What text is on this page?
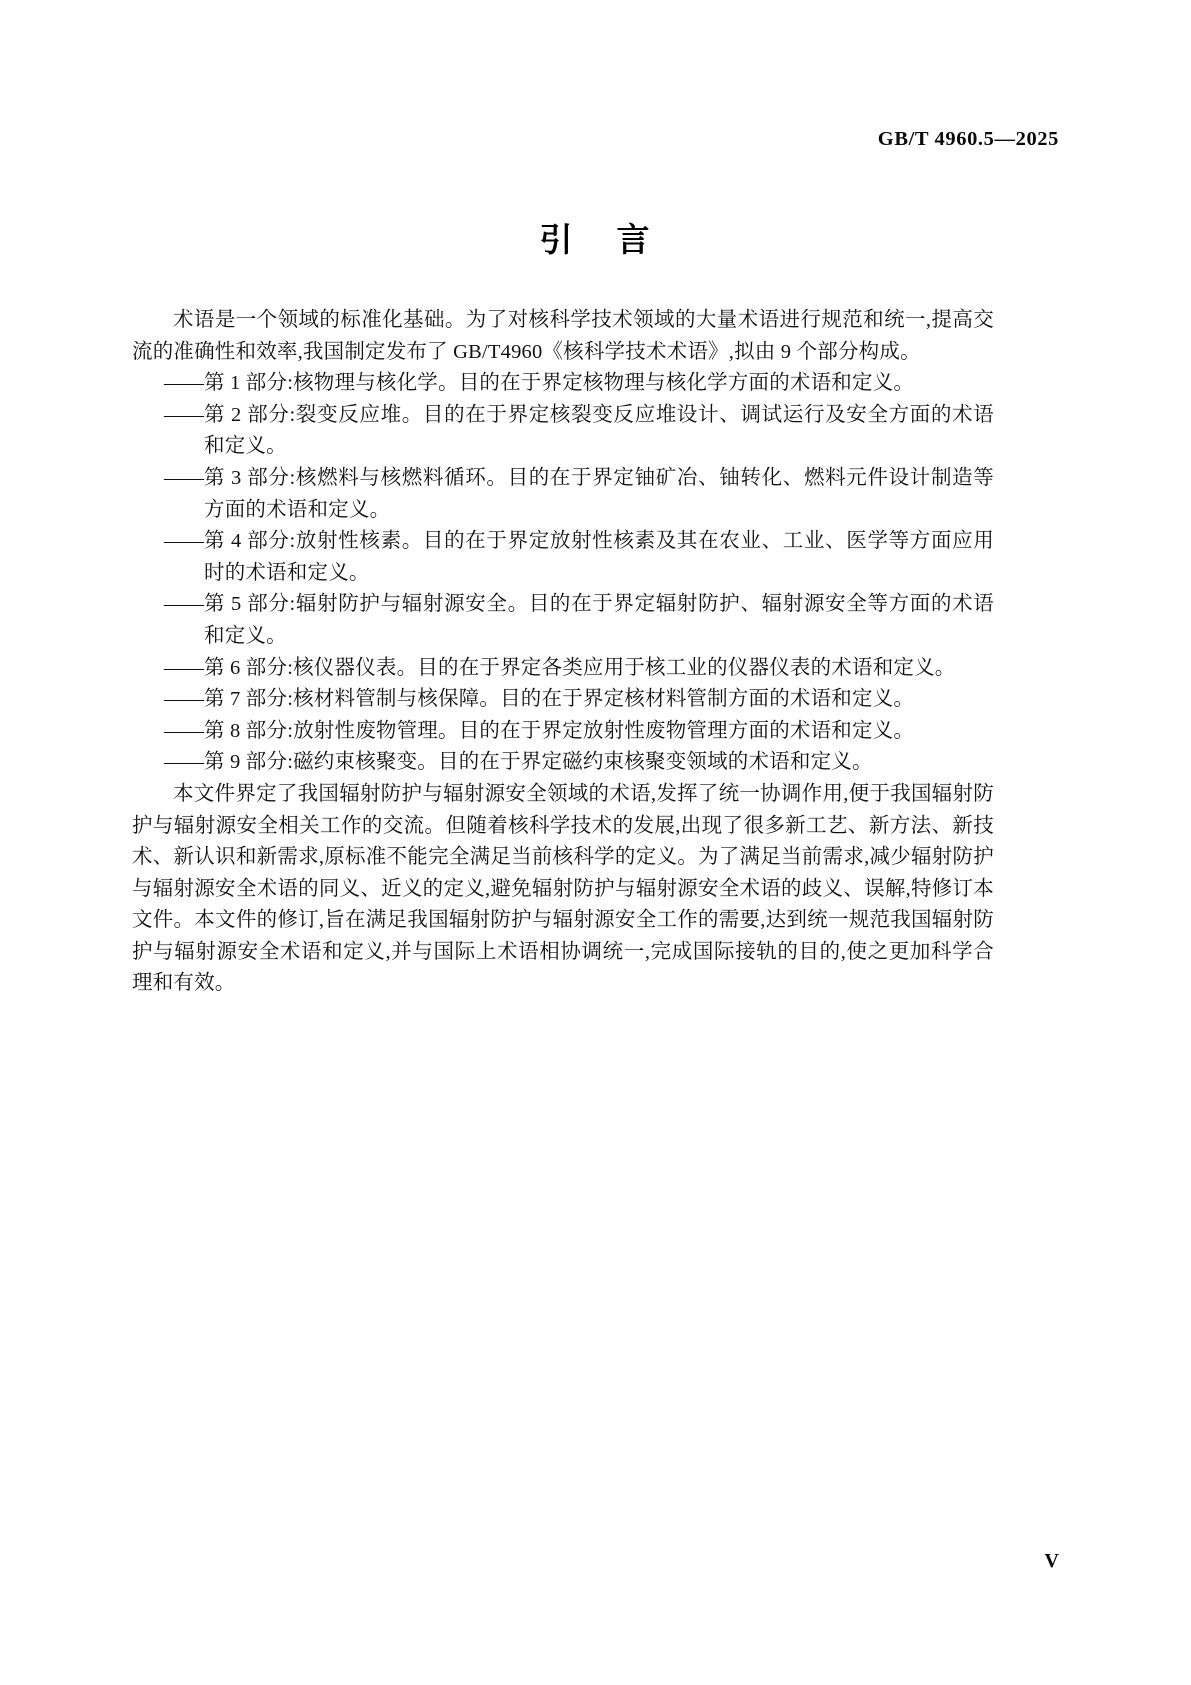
GB/T 4960.5—2025
引 言

术语是一个领域的标准化基础。为了对核科学技术领域的大量术语进行规范和统一,提高交流的准确性和效率,我国制定发布了 GB/T4960《核科学技术术语》,拟由 9 个部分构成。

—— 第 1 部分:核物理与核化学。目的在于界定核物理与核化学方面的术语和定义。
—— 第 2 部分:裂变反应堆。目的在于界定核裂变反应堆设计、调试运行及安全方面的术语和定义。
—— 第 3 部分:核燃料与核燃料循环。目的在于界定铀矿冶、铀转化、燃料元件设计制造等方面的术语和定义。
—— 第 4 部分:放射性核素。目的在于界定放射性核素及其在农业、工业、医学等方面应用时的术语和定义。
—— 第 5 部分:辐射防护与辐射源安全。目的在于界定辐射防护、辐射源安全等方面的术语和定义。
—— 第 6 部分:核仪器仪表。目的在于界定各类应用于核工业的仪器仪表的术语和定义。
—— 第 7 部分:核材料管制与核保障。目的在于界定核材料管制方面的术语和定义。
—— 第 8 部分:放射性废物管理。目的在于界定放射性废物管理方面的术语和定义。
—— 第 9 部分:磁约束核聚变。目的在于界定磁约束核聚变领域的术语和定义。

本文件界定了我国辐射防护与辐射源安全领域的术语,发挥了统一协调作用,便于我国辐射防护与辐射源安全相关工作的交流。但随着核科学技术的发展,出现了很多新工艺、新方法、新技术、新认识和新需求,原标准不能完全满足当前核科学的定义。为了满足当前需求,减少辐射防护与辐射源安全术语的同义、近义的定义,避免辐射防护与辐射源安全术语的歧义、误解,特修订本文件。本文件的修订,旨在满足我国辐射防护与辐射源安全工作的需要,达到统一规范我国辐射防护与辐射源安全术语和定义,并与国际上术语相协调统一,完成国际接轨的目的,使之更加科学合理和有效。

V
